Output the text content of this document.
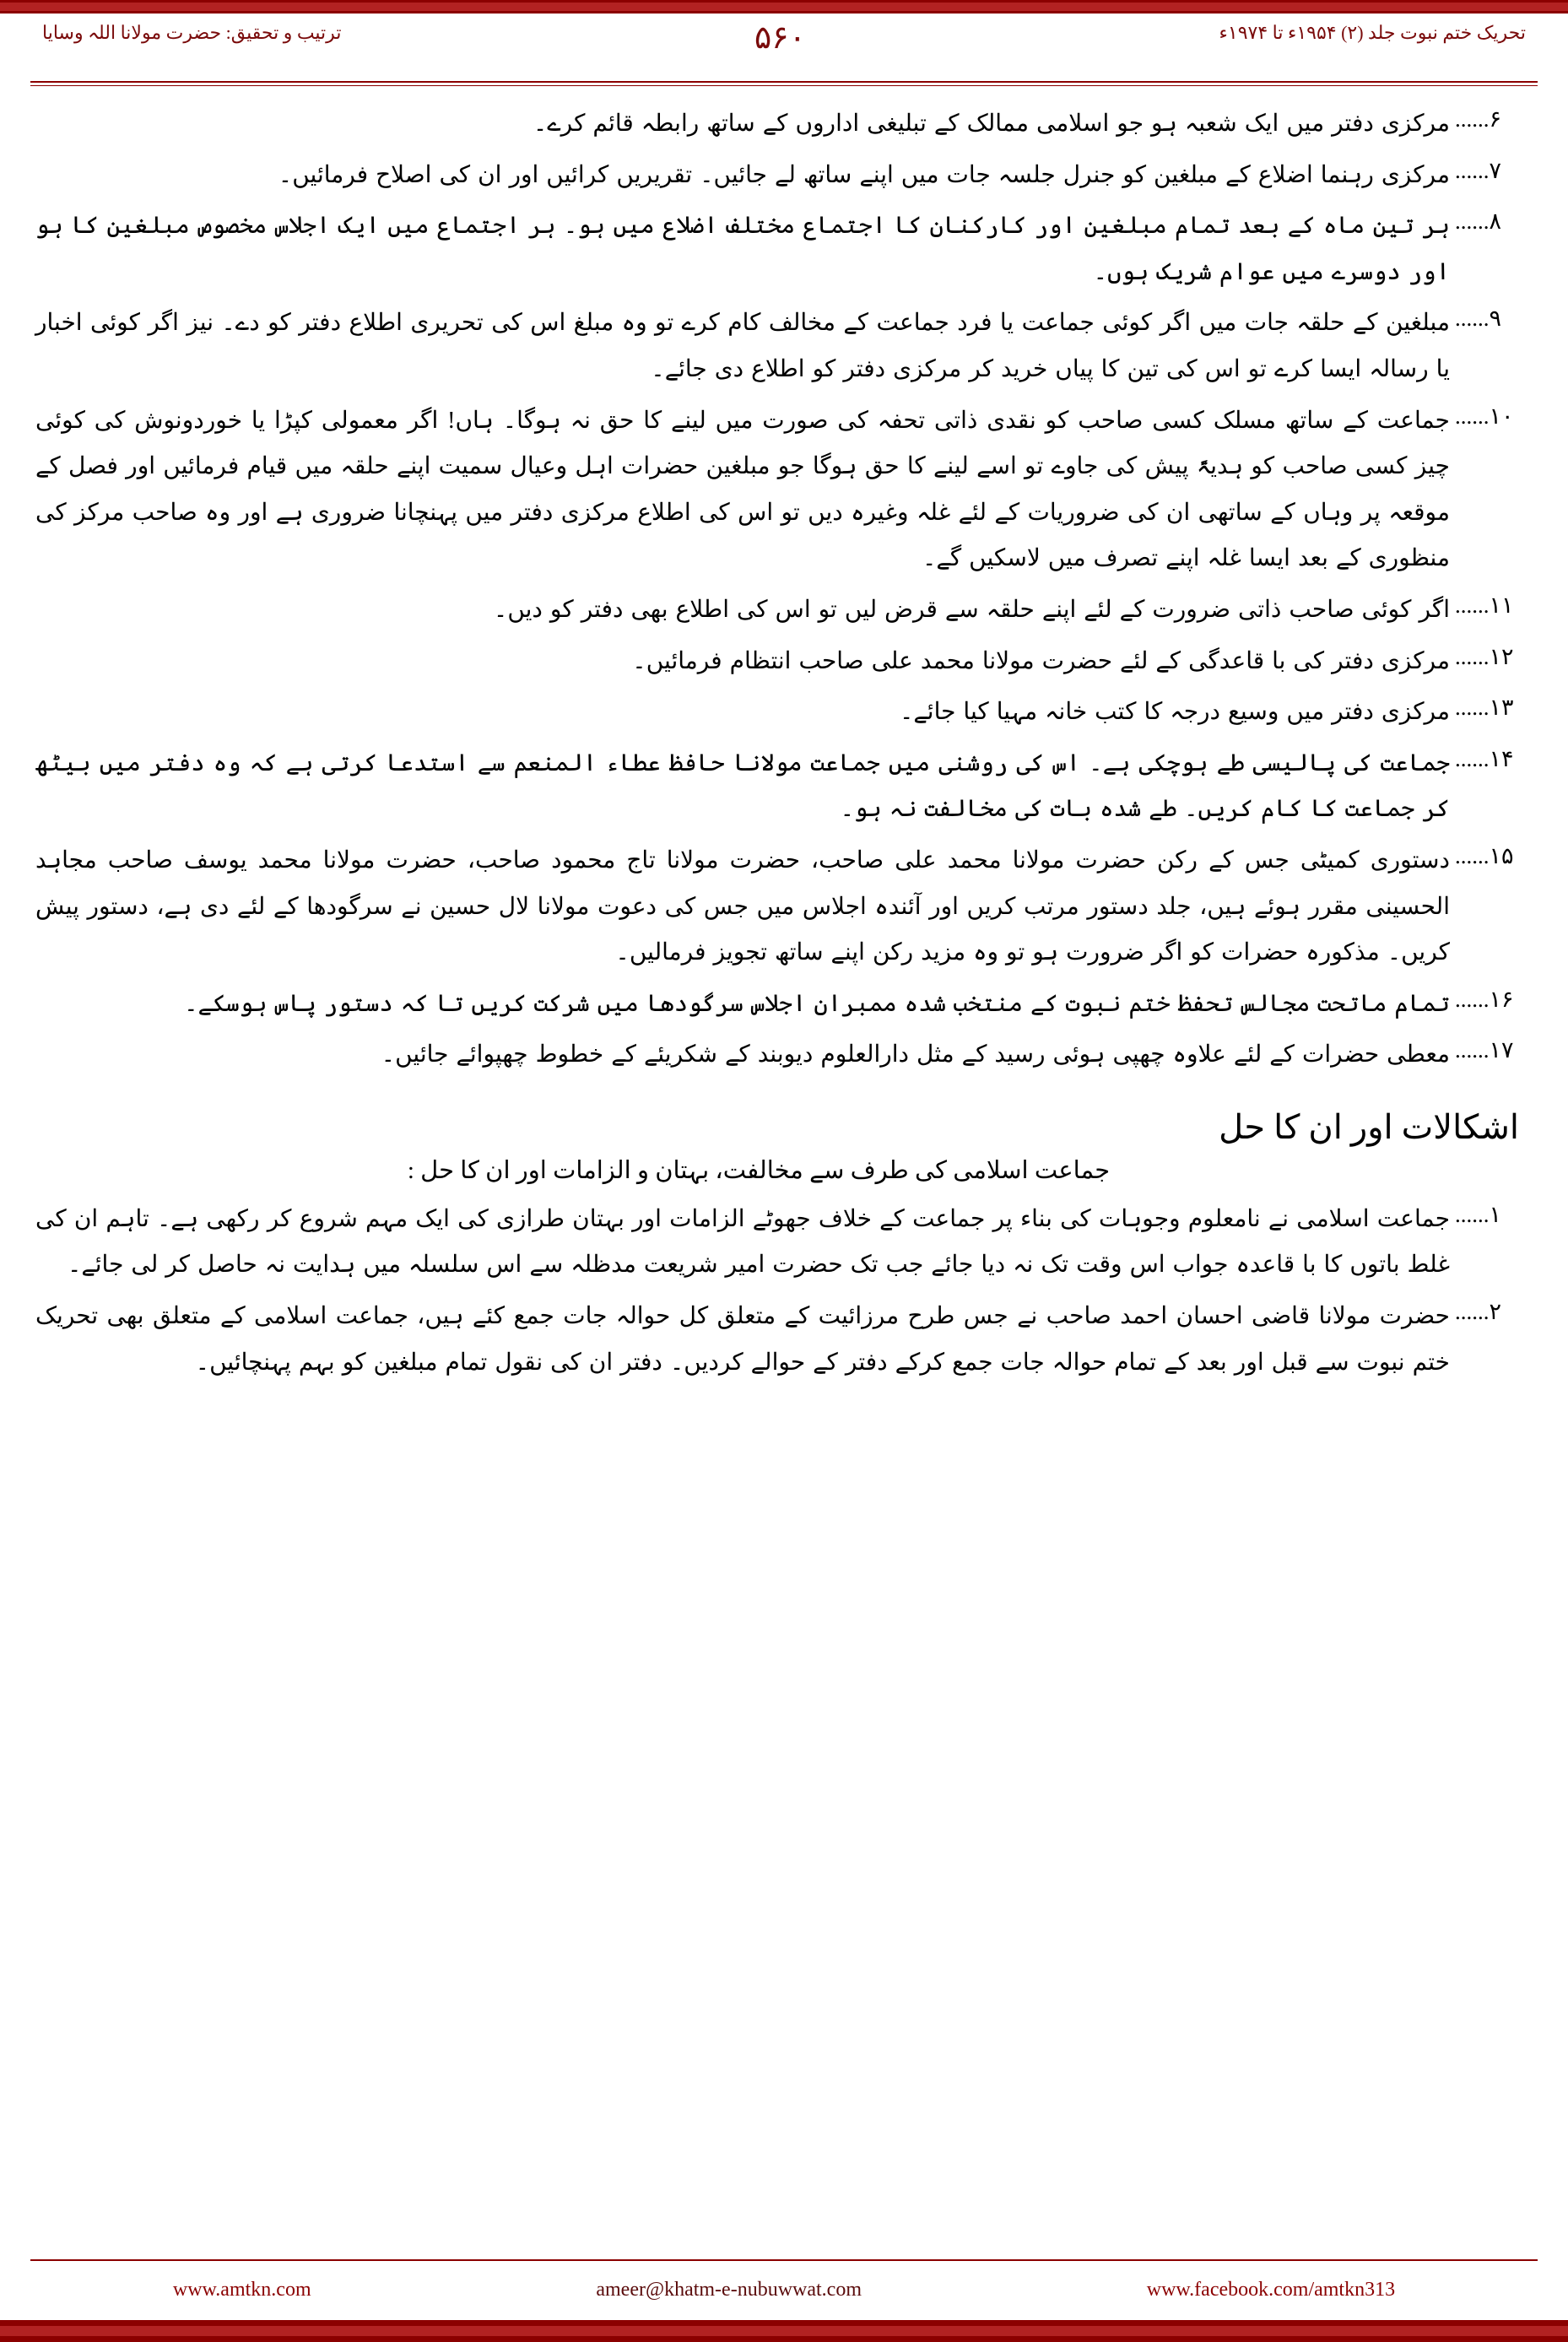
تحریک ختم نبوت جلد (۲) ۱۹۵۴ء تا ۱۹۷۴ء
۵۶۰
ترتیب و تحقیق: حضرت مولانا اللہ وسایا
۶......
مرکزی دفتر میں ایک شعبہ ہو جو اسلامی ممالک کے تبلیغی اداروں کے ساتھ رابطہ قائم کرے۔
۷......
مرکزی رہنما اضلاع کے مبلغین کو جنرل جلسہ جات میں اپنے ساتھ لے جائیں۔ تقریریں کرائیں اور ان کی اصلاح فرمائیں۔
۸......
ہر تین ماہ کے بعد تمام مبلغین اور کارکنان کا اجتماع مختلف اضلاع میں ہو۔ ہر اجتماع میں ایک اجلاس مخصوص مبلغین کا ہو اور دوسرے میں عوام شریک ہوں۔
۹......
مبلغین کے حلقہ جات میں اگر کوئی جماعت یا فرد جماعت کے مخالف کام کرے تو وہ مبلغ اس کی تحریری اطلاع دفتر کو دے۔ نیز اگر کوئی اخبار یا رسالہ ایسا کرے تو اس کی تین کا پیاں خرید کر مرکزی دفتر کو اطلاع دی جائے۔
۱۰......
جماعت کے ساتھ مسلک کسی صاحب کو نقدی ذاتی تحفہ کی صورت میں لینے کا حق نہ ہوگا۔ ہاں! اگر معمولی کپڑا یا خوردونوش کی کوئی چیز کسی صاحب کو ہدیۃً پیش کی جاوے تو اسے لینے کا حق ہوگا جو مبلغین حضرات اہل وعیال سمیت اپنے حلقہ میں قیام فرمائیں اور فصل کے موقعہ پر وہاں کے ساتھی ان کی ضروریات کے لئے غلہ وغیرہ دیں تو اس کی اطلاع مرکزی دفتر میں پہنچانا ضروری ہے اور وہ صاحب مرکز کی منظوری کے بعد ایسا غلہ اپنے تصرف میں لاسکیں گے۔
۱۱......
اگر کوئی صاحب ذاتی ضرورت کے لئے اپنے حلقہ سے قرض لیں تو اس کی اطلاع بھی دفتر کو دیں۔
۱۲......
مرکزی دفتر کی با قاعدگی کے لئے حضرت مولانا محمد علی صاحب انتظام فرمائیں۔
۱۳......
مرکزی دفتر میں وسیع درجہ کا کتب خانہ مہیا کیا جائے۔
۱۴......
جماعت کی پالیسی طے ہوچکی ہے۔ اس کی روشنی میں جماعت مولانا حافظ عطاء المنعم سے استدعا کرتی ہے کہ وہ دفتر میں بیٹھ کر جماعت کا کام کریں۔ طے شدہ بات کی مخالفت نہ ہو۔
۱۵......
دستوری کمیٹی جس کے رکن حضرت مولانا محمد علی صاحب، حضرت مولانا تاج محمود صاحب، حضرت مولانا محمد یوسف صاحب مجاہد الحسینی مقرر ہوئے ہیں، جلد دستور مرتب کریں اور آئندہ اجلاس میں جس کی دعوت مولانا لال حسین نے سرگودھا کے لئے دی ہے، دستور پیش کریں۔ مذکورہ حضرات کو اگر ضرورت ہو تو وہ مزید رکن اپنے ساتھ تجویز فرمالیں۔
۱۶......
تمام ماتحت مجالس تحفظ ختم نبوت کے منتخب شدہ ممبران اجلاس سرگودھا میں شرکت کریں تا کہ دستور پاس ہوسکے۔
۱۷......
معطی حضرات کے لئے علاوہ چھپی ہوئی رسید کے مثل دارالعلوم دیوبند کے شکریئے کے خطوط چھپوائے جائیں۔
اشکالات اور ان کا حل
جماعت اسلامی کی طرف سے مخالفت، بہتان و الزامات اور ان کا حل :
۱......
جماعت اسلامی نے نامعلوم وجوہات کی بناء پر جماعت کے خلاف جھوٹے الزامات اور بہتان طرازی کی ایک مہم شروع کر رکھی ہے۔ تاہم ان کی غلط باتوں کا با قاعدہ جواب اس وقت تک نہ دیا جائے جب تک حضرت امیر شریعت مدظلہ سے اس سلسلہ میں ہدایت نہ حاصل کر لی جائے۔
۲......
حضرت مولانا قاضی احسان احمد صاحب نے جس طرح مرزائیت کے متعلق کل حوالہ جات جمع کئے ہیں، جماعت اسلامی کے متعلق بھی تحریک ختم نبوت سے قبل اور بعد کے تمام حوالہ جات جمع کرکے دفتر کے حوالے کردیں۔ دفتر ان کی نقول تمام مبلغین کو بہم پہنچائیں۔
www.amtkn.com	ameer@khatm-e-nubuwwat.com	www.facebook.com/amtkn313
